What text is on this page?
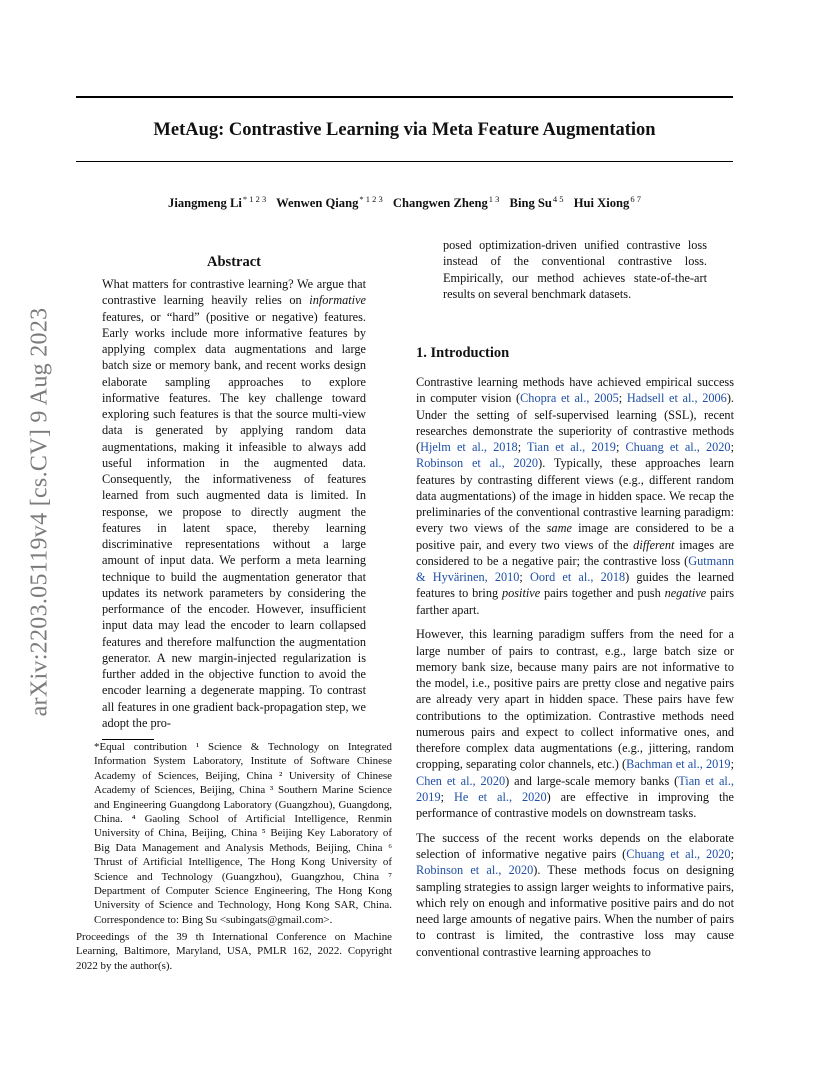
MetAug: Contrastive Learning via Meta Feature Augmentation
Jiangmeng $Li^{* 1 2 3}$ Wenwen Qiang$^{* 1 2 3}$ Changwen Zheng$^{1 3}$ Bing $Su^{4 5}$ Hui Xiong$^{6 7}$
arXiv:2203.05119v4 [cs.CV] 9 Aug 2023
Abstract

What matters for contrastive learning? We argue that contrastive learning heavily relies on informative features, or “hard” (positive or negative) features. Early works include more informative features by applying complex data augmentations and large batch size or memory bank, and recent works design elaborate sampling approaches to explore informative features. The key challenge toward exploring such features is that the source multi-view data is generated by applying random data augmentations, making it infeasible to always add useful information in the augmented data. Consequently, the informativeness of features learned from such augmented data is limited. In response, we propose to directly augment the features in latent space, thereby learning discriminative representations without a large amount of input data. We perform a meta learning technique to build the augmentation generator that updates its network parameters by considering the performance of the encoder. However, insufficient input data may lead the encoder to learn collapsed features and therefore malfunction the augmentation generator. A new margin-injected regularization is further added in the objective function to avoid the encoder learning a degenerate mapping. To contrast all features in one gradient back-propagation step, we adopt the pro-

posed optimization-driven unified contrastive loss instead of the conventional contrastive loss. Empirically, our method achieves state-of-the-art results on several benchmark datasets.

*Equal contribution ¹ Science & Technology on Integrated Information System Laboratory, Institute of Software Chinese Academy of Sciences, Beijing, China ² University of Chinese Academy of Sciences, Beijing, China ³ Southern Marine Science and Engineering Guangdong Laboratory (Guangzhou), Guangdong, China. ⁴ Gaoling School of Artificial Intelligence, Renmin University of China, Beijing, China ⁵ Beijing Key Laboratory of Big Data Management and Analysis Methods, Beijing, China ⁶ Thrust of Artificial Intelligence, The Hong Kong University of Science and Technology (Guangzhou), Guangzhou, China ⁷ Department of Computer Science Engineering, The Hong Kong University of Science and Technology, Hong Kong SAR, China. Correspondence to: Bing Su <subingats@gmail.com>.
Proceedings of the 39 th International Conference on Machine Learning, Baltimore, Maryland, USA, PMLR 162, 2022. Copyright 2022 by the author(s).
1. Introduction

Contrastive learning methods have achieved empirical success in computer vision (Chopra et al., 2005; Hadsell et al., 2006). Under the setting of self-supervised learning (SSL), recent researches demonstrate the superiority of contrastive methods (Hjelm et al., 2018; Tian et al., 2019; Chuang et al., 2020; Robinson et al., 2020). Typically, these approaches learn features by contrasting different views (e.g., different random data augmentations) of the image in hidden space. We recap the preliminaries of the conventional contrastive learning paradigm: every two views of the same image are considered to be a positive pair, and every two views of the different images are considered to be a negative pair; the contrastive loss (Gutmann & Hyvärinen, 2010; Oord et al., 2018) guides the learned features to bring positive pairs together and push negative pairs farther apart.

However, this learning paradigm suffers from the need for a large number of pairs to contrast, e.g., large batch size or memory bank size, because many pairs are not informative to the model, i.e., positive pairs are pretty close and negative pairs are already very apart in hidden space. These pairs have few contributions to the optimization. Contrastive methods need numerous pairs and expect to collect informative ones, and therefore complex data augmentations (e.g., jittering, random cropping, separating color channels, etc.) (Bachman et al., 2019; Chen et al., 2020) and large-scale memory banks (Tian et al., 2019; He et al., 2020) are effective in improving the performance of contrastive models on downstream tasks.

The success of the recent works depends on the elaborate selection of informative negative pairs (Chuang et al., 2020; Robinson et al., 2020). These methods focus on designing sampling strategies to assign larger weights to informative pairs, which rely on enough and informative positive pairs and do not need large amounts of negative pairs. When the number of pairs to contrast is limited, the contrastive loss may cause conventional contrastive learning approaches to
